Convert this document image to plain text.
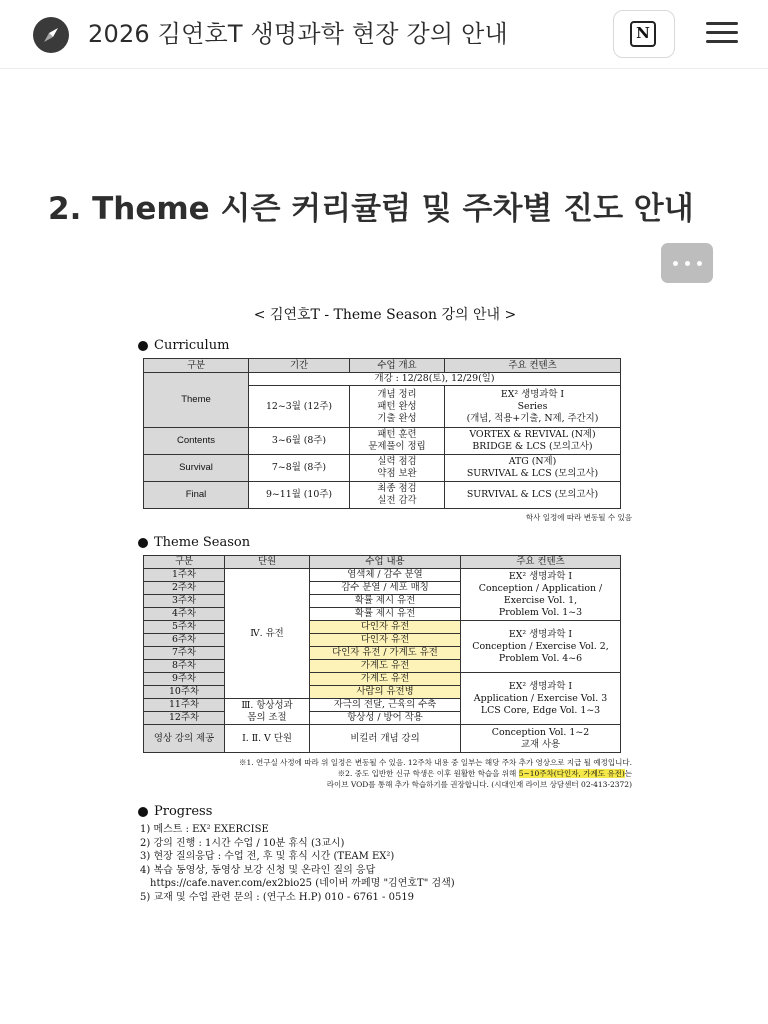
2026 김연호T 생명과학 현장 강의 안내	N
2. Theme 시즌 커리큘럼 및 주차별 진도 안내
< 김연호T - Theme Season 강의 안내 >
Curriculum
구분	기간	수업 개요	주요 컨텐츠
Theme	개강 : 12/28(토), 12/29(일)		
	12~3월 (12주)	개념 정리
패턴 완성
기출 완성	EX² 생명과학 I
Series
(개념, 적용+기출, N제, 주간지)
Contents	3~6월 (8주)	패턴 훈련
문제풀이 정립	VORTEX & REVIVAL (N제)
BRIDGE & LCS (모의고사)
Survival	7~8월 (8주)	실력 점검
약점 보완	ATG (N제)
SURVIVAL & LCS (모의고사)
Final	9~11월 (10주)	최종 점검
실전 감각	SURVIVAL & LCS (모의고사)
학사 일정에 따라 변동될 수 있음
Theme Season
구분	단원	수업 내용	주요 컨텐츠
1주차	Ⅳ. 유전	염색체 / 감수 분열	EX² 생명과학 I
Conception / Application /
Exercise Vol. 1,
Problem Vol. 1~3
2주차		감수 분열 / 세포 매칭	
3주차		확률 제시 유전	
4주차		확률 제시 유전	
5주차		다인자 유전	EX² 생명과학 I
Conception / Exercise Vol. 2,
Problem Vol. 4~6
6주차		다인자 유전	
7주차		다인자 유전 / 가계도 유전	
8주차		가계도 유전	
9주차		가계도 유전	EX² 생명과학 I
Application / Exercise Vol. 3
LCS Core, Edge Vol. 1~3
10주차		사람의 유전병	
11주차	Ⅲ. 항상성과
몸의 조절	자극의 전달, 근육의 수축	
12주차		항상성 / 방어 작용	
영상 강의 제공	Ⅰ. Ⅱ. Ⅴ 단원	비킬러 개념 강의	Conception Vol. 1~2
교재 사용
※1. 연구실 사정에 따라 위 일정은 변동될 수 있음. 12주차 내용 중 일부는 해당 주차 추가 영상으로 지급 될 예정입니다.
※2. 중도 입반한 신규 학생은 이후 원활한 학습을 위해 5~10주차(다인자, 가계도 유전)는
라이브 VOD를 통해 추가 학습하기를 권장합니다. (시대인재 라이브 상담센터 02-413-2372)
Progress
1) 메스트 : EX² EXERCISE
2) 강의 진행 : 1시간 수업 / 10분 휴식 (3교시)
3) 현장 질의응답 : 수업 전, 후 및 휴식 시간 (TEAM EX²)
4) 복습 동영상, 동영상 보강 신청 및 온라인 질의 응답
https://cafe.naver.com/ex2bio25 (네이버 까페명 "김연호T" 검색)
5) 교재 및 수업 관련 문의 : (연구소 H.P) 010 - 6761 - 0519
